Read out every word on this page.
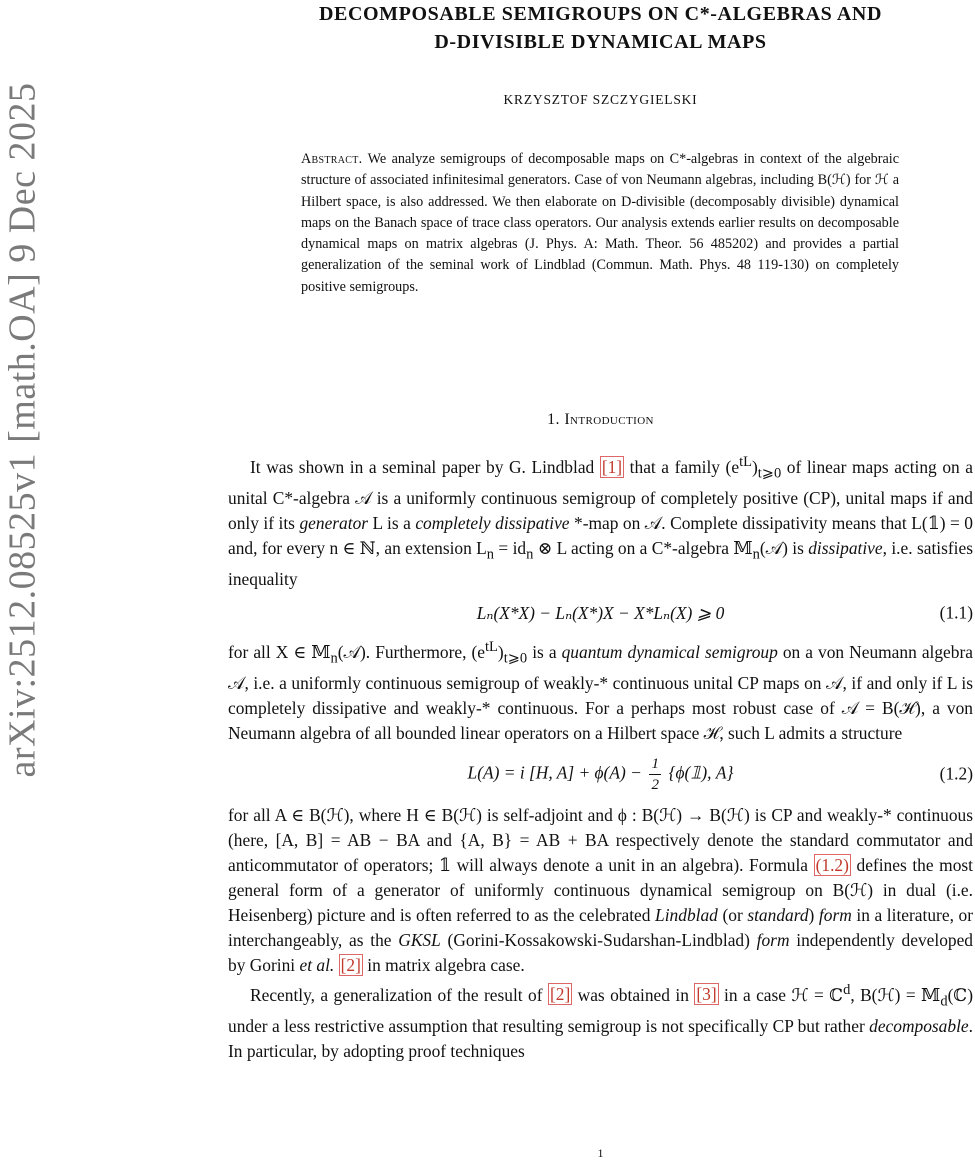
arXiv:2512.08525v1 [math.OA] 9 Dec 2025
DECOMPOSABLE SEMIGROUPS ON C*-ALGEBRAS AND
D-DIVISIBLE DYNAMICAL MAPS
KRZYSZTOF SZCZYGIELSKI
Abstract. We analyze semigroups of decomposable maps on C*-algebras in context of the algebraic structure of associated infinitesimal generators. Case of von Neumann algebras, including B(ℋ) for ℋ a Hilbert space, is also addressed. We then elaborate on D-divisible (decomposably divisible) dynamical maps on the Banach space of trace class operators. Our analysis extends earlier results on decomposable dynamical maps on matrix algebras (J. Phys. A: Math. Theor. 56 485202) and provides a partial generalization of the seminal work of Lindblad (Commun. Math. Phys. 48 119-130) on completely positive semigroups.
1. Introduction

It was shown in a seminal paper by G. Lindblad [1] that a family $(e^{tL})_{t⩾0}$ of linear maps acting on a unital C*-algebra 𝒜 is a uniformly continuous semigroup of completely positive (CP), unital maps if and only if its generator L is a completely dissipative *-map on 𝒜. Complete dissipativity means that L(𝟙) = 0 and, for every n ∈ ℕ, an extension $L_n = id_n$ ⊗ L acting on a C*-algebra 𝕄$_n$(𝒜) is dissipative, i.e. satisfies inequality

Lₙ(X*X) − Lₙ(X*)X − X*Lₙ(X) ⩾ 0	(1.1)

for all X ∈ 𝕄$_n$(𝒜). Furthermore, $(e^{tL})_{t⩾0}$ is a quantum dynamical semigroup on a von Neumann algebra 𝒜, i.e. a uniformly continuous semigroup of weakly-* continuous unital CP maps on 𝒜, if and only if L is completely dissipative and weakly-* continuous. For a perhaps most robust case of 𝒜 = B(ℋ), a von Neumann algebra of all bounded linear operators on a Hilbert space ℋ, such L admits a structure

L(A) = i [H, $A] + \phi(A) - \frac{1}{2}$ {ϕ(𝟙), A}	(1.2)

for all A ∈ B(ℋ), where H ∈ B(ℋ) is self-adjoint and ϕ : B(ℋ) → B(ℋ) is CP and weakly-* continuous (here, [A, B] = AB − BA and {A, B} = AB + BA respectively denote the standard commutator and anticommutator of operators; 𝟙 will always denote a unit in an algebra). Formula (1.2) defines the most general form of a generator of uniformly continuous dynamical semigroup on B(ℋ) in dual (i.e. Heisenberg) picture and is often referred to as the celebrated Lindblad (or standard) form in a literature, or interchangeably, as the GKSL (Gorini-Kossakowski-Sudarshan-Lindblad) form independently developed by Gorini et al. [2] in matrix algebra case.

Recently, a generalization of the result of [2] was obtained in [3] in a case ℋ = ℂ$^d$, B(ℋ) = 𝕄$_d$(ℂ) under a less restrictive assumption that resulting semigroup is not specifically CP but rather decomposable. In particular, by adopting proof techniques

1
